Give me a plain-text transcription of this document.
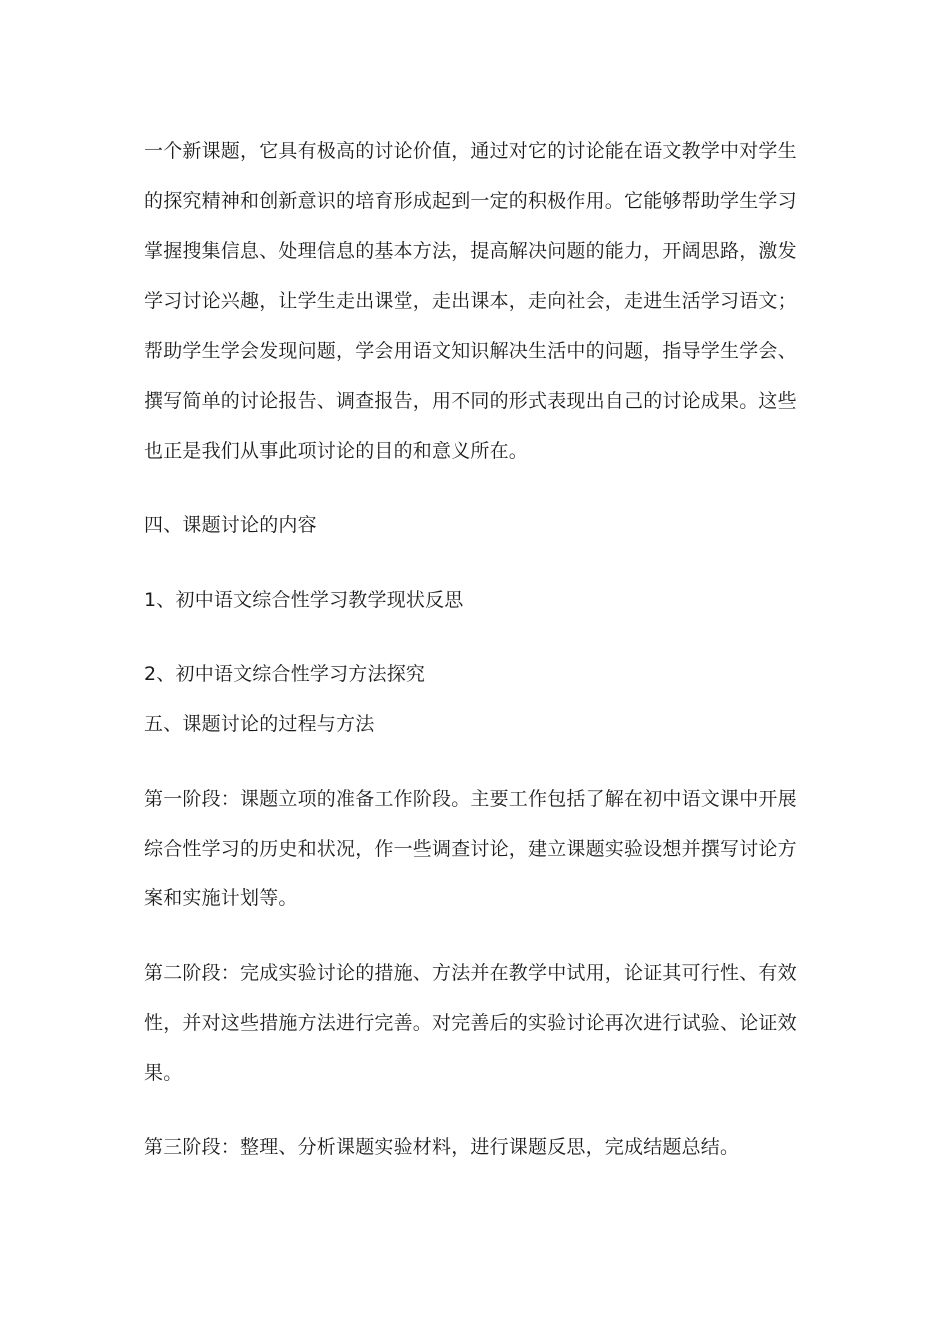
一个新课题，它具有极高的讨论价值，通过对它的讨论能在语文教学中对学生
的探究精神和创新意识的培育形成起到一定的积极作用。它能够帮助学生学习
掌握搜集信息、处理信息的基本方法，提高解决问题的能力，开阔思路，激发
学习讨论兴趣，让学生走出课堂，走出课本，走向社会，走进生活学习语文；
帮助学生学会发现问题，学会用语文知识解决生活中的问题，指导学生学会、
撰写简单的讨论报告、调查报告，用不同的形式表现出自己的讨论成果。这些
也正是我们从事此项讨论的目的和意义所在。
四、课题讨论的内容
1、初中语文综合性学习教学现状反思
2、初中语文综合性学习方法探究
五、课题讨论的过程与方法
第一阶段：课题立项的准备工作阶段。主要工作包括了解在初中语文课中开展
综合性学习的历史和状况，作一些调查讨论，建立课题实验设想并撰写讨论方
案和实施计划等。
第二阶段：完成实验讨论的措施、方法并在教学中试用，论证其可行性、有效
性，并对这些措施方法进行完善。对完善后的实验讨论再次进行试验、论证效
果。
第三阶段：整理、分析课题实验材料，进行课题反思，完成结题总结。
